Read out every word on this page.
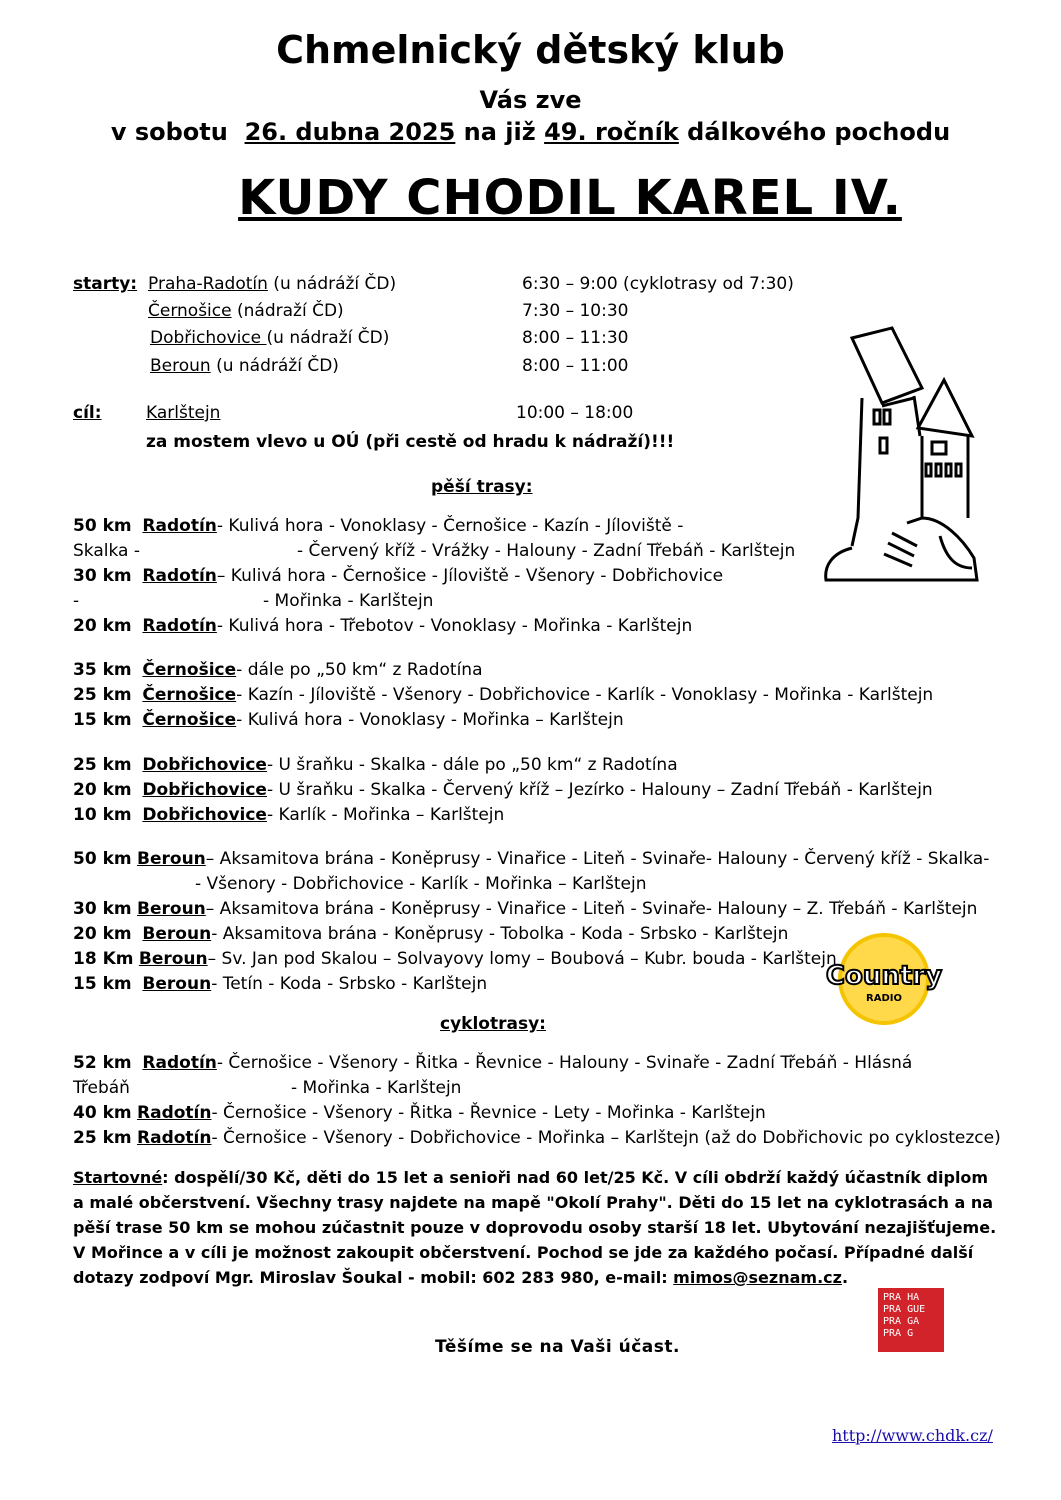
Chmelnický dětský klub
Vás zve
v sobotu 26. dubna 2025 na již 49. ročník dálkového pochodu
KUDY CHODIL KAREL IV.
starty: Praha-Radotín (u nádráží ČD)	6:30 – 9:00 (cyklotrasy od 7:30)
Černošice (nádraží ČD)	7:30 – 10:30
Dobřichovice (u nádraží ČD)	8:00 – 11:30
Beroun (u nádráží ČD)	8:00 – 11:00
cíl:	Karlštejn	10:00 – 18:00
za mostem vlevo u OÚ (při cestě od hradu k nádraží)!!!
pěší trasy:
50 km Radotín- Kulivá hora - Vonoklasy - Černošice - Kazín - Jíloviště -
Skalka -	- Červený kříž - Vrážky - Halouny - Zadní Třebáň - Karlštejn
30 km Radotín– Kulivá hora - Černošice - Jíloviště - Všenory - Dobřichovice
-	- Mořinka - Karlštejn
20 km Radotín- Kulivá hora - Třebotov - Vonoklasy - Mořinka - Karlštejn
35 km Černošice- dále po „50 km“ z Radotína
25 km Černošice- Kazín - Jíloviště - Všenory - Dobřichovice - Karlík - Vonoklasy - Mořinka - Karlštejn
15 km Černošice- Kulivá hora - Vonoklasy - Mořinka – Karlštejn
25 km Dobřichovice- U šraňku - Skalka - dále po „50 km“ z Radotína
20 km Dobřichovice- U šraňku - Skalka - Červený kříž – Jezírko - Halouny – Zadní Třebáň - Karlštejn
10 km Dobřichovice- Karlík - Mořinka – Karlštejn
50 km Beroun– Aksamitova brána - Koněprusy - Vinařice - Liteň - Svinaře- Halouny - Červený kříž - Skalka-
- Všenory - Dobřichovice - Karlík - Mořinka – Karlštejn
30 km Beroun– Aksamitova brána - Koněprusy - Vinařice - Liteň - Svinaře- Halouny – Z. Třebáň - Karlštejn
20 km Beroun- Aksamitova brána - Koněprusy - Tobolka - Koda - Srbsko - Karlštejn
18 Km Beroun– Sv. Jan pod Skalou – Solvayovy lomy – Boubová – Kubr. bouda - Karlštejn
15 km Beroun- Tetín - Koda - Srbsko - Karlštejn	Country
RADIO
cyklotrasy:
52 km Radotín- Černošice - Všenory - Řitka - Řevnice - Halouny - Svinaře - Zadní Třebáň - Hlásná
Třebáň	- Mořinka - Karlštejn
40 km Radotín- Černošice - Všenory - Řitka - Řevnice - Lety - Mořinka - Karlštejn
25 km Radotín- Černošice - Všenory - Dobřichovice - Mořinka – Karlštejn (až do Dobřichovic po cyklostezce)
Startovné: dospělí/30 Kč, děti do 15 let a senioři nad 60 let/25 Kč. V cíli obdrží každý účastník diplom
a malé občerstvení. Všechny trasy najdete na mapě "Okolí Prahy". Děti do 15 let na cyklotrasách a na
pěší trase 50 km se mohou zúčastnit pouze v doprovodu osoby starší 18 let. Ubytování nezajišťujeme.
V Mořince a v cíli je možnost zakoupit občerstvení. Pochod se jde za každého počasí. Případné další
dotazy zodpoví Mgr. Miroslav Šoukal - mobil: 602 283 980, e-mail: mimos@seznam.cz.
PRA HA
PRA GUE
PRA GA
PRA G
Těšíme se na Vaši účast.
http://www.chdk.cz/
